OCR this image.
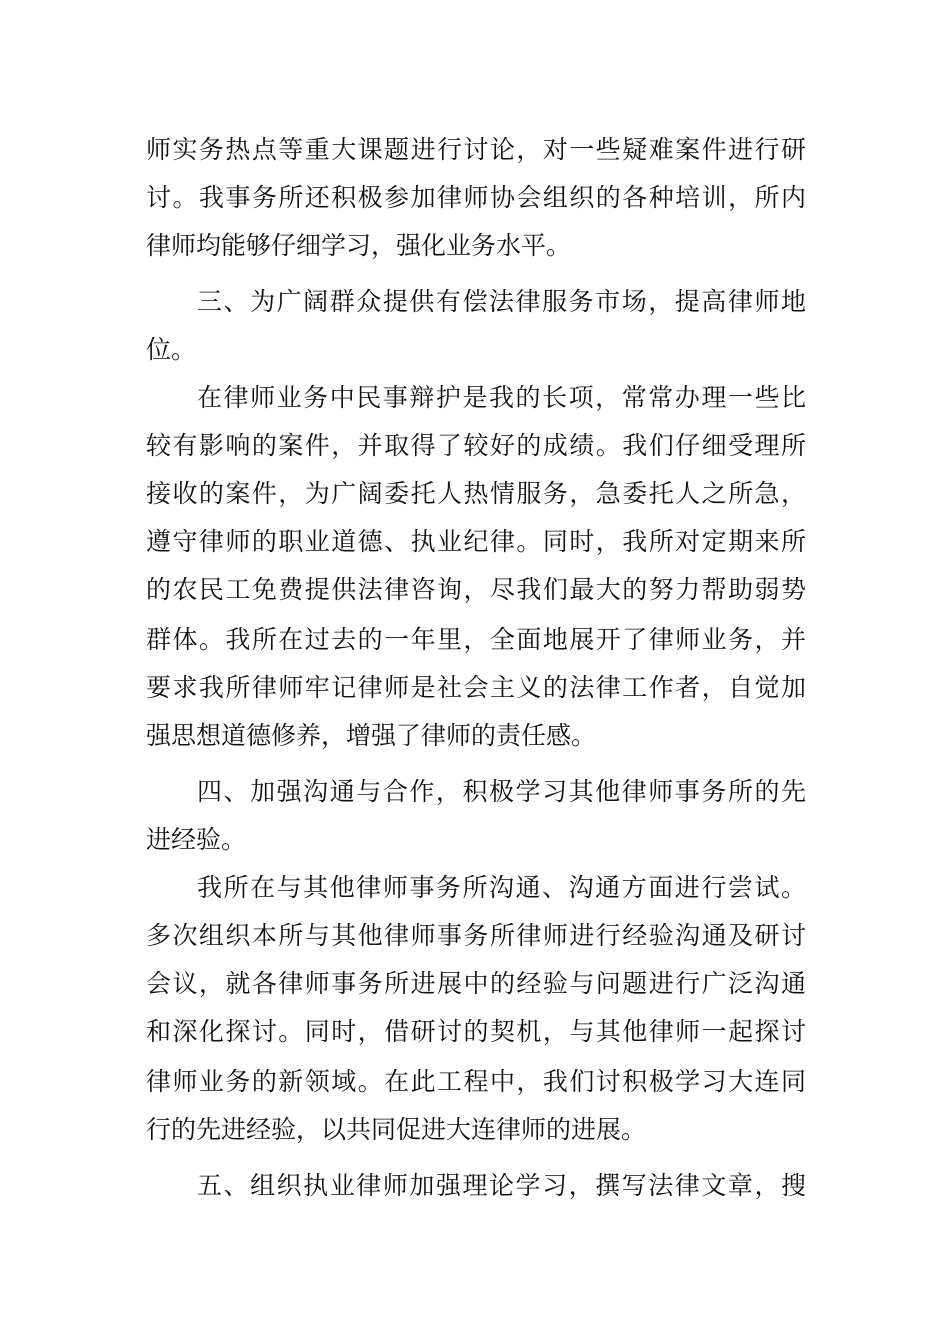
师实务热点等重大课题进行讨论，对一些疑难案件进行研
讨。我事务所还积极参加律师协会组织的各种培训，所内
律师均能够仔细学习，强化业务水平。
三、为广阔群众提供有偿法律服务市场，提高律师地
位。
在律师业务中民事辩护是我的长项，常常办理一些比
较有影响的案件，并取得了较好的成绩。我们仔细受理所
接收的案件，为广阔委托人热情服务，急委托人之所急，
遵守律师的职业道德、执业纪律。同时，我所对定期来所
的农民工免费提供法律咨询，尽我们最大的努力帮助弱势
群体。我所在过去的一年里，全面地展开了律师业务，并
要求我所律师牢记律师是社会主义的法律工作者，自觉加
强思想道德修养，增强了律师的责任感。
四、加强沟通与合作，积极学习其他律师事务所的先
进经验。
我所在与其他律师事务所沟通、沟通方面进行尝试。
多次组织本所与其他律师事务所律师进行经验沟通及研讨
会议，就各律师事务所进展中的经验与问题进行广泛沟通
和深化探讨。同时，借研讨的契机，与其他律师一起探讨
律师业务的新领域。在此工程中，我们讨积极学习大连同
行的先进经验，以共同促进大连律师的进展。
五、组织执业律师加强理论学习，撰写法律文章，搜
